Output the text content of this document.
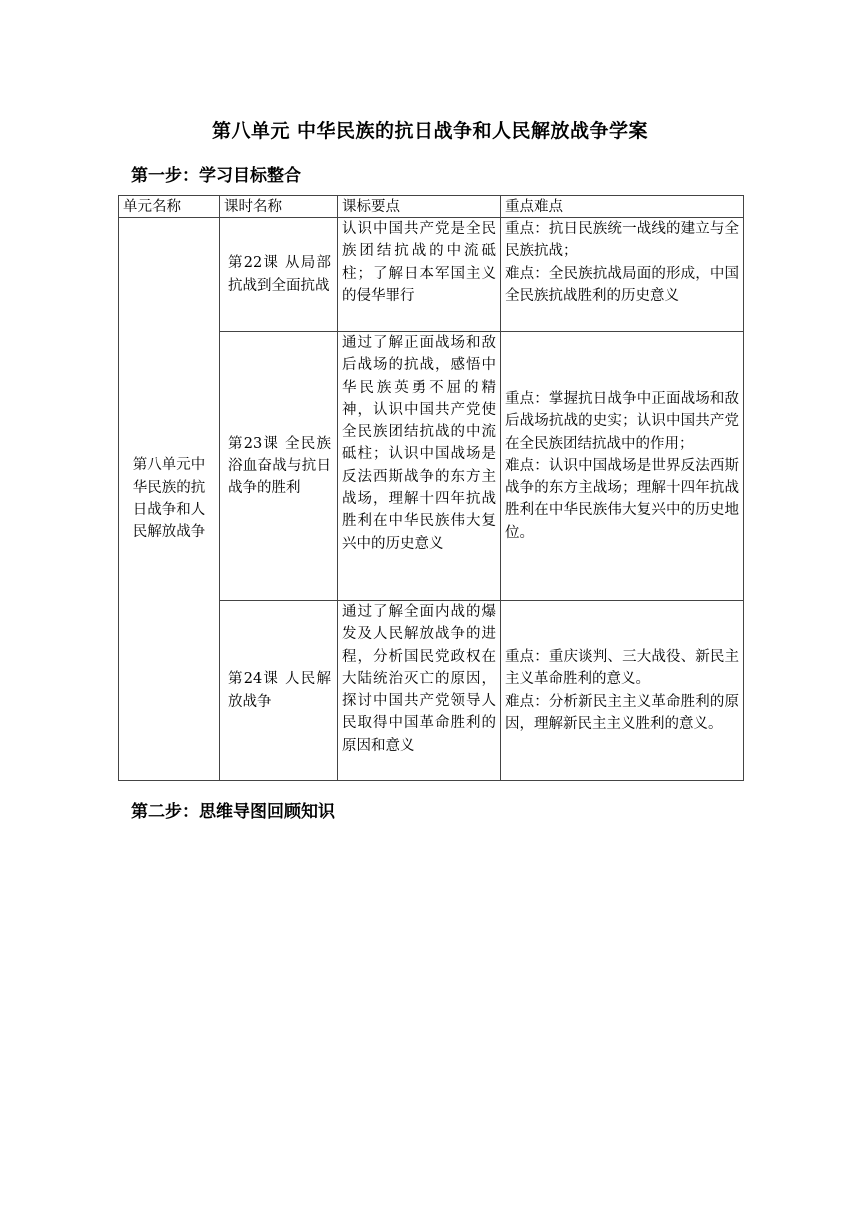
第八单元 中华民族的抗日战争和人民解放战争学案
第一步：学习目标整合
单元名称	课时名称	课标要点	重点难点
第八单元中华民族的抗日战争和人民解放战争	第22课 从局部抗战到全面抗战	认识中国共产党是全民族团结抗战的中流砥柱；了解日本军国主义的侵华罪行	重点：抗日民族统一战线的建立与全民族抗战；
难点：全民族抗战局面的形成，中国全民族抗战胜利的历史意义

	第23课 全民族浴血奋战与抗日战争的胜利	通过了解正面战场和敌后战场的抗战，感悟中华民族英勇不屈的精神，认识中国共产党使全民族团结抗战的中流砥柱；认识中国战场是反法西斯战争的东方主战场，理解十四年抗战胜利在中华民族伟大复兴中的历史意义	重点：掌握抗日战争中正面战场和敌后战场抗战的史实；认识中国共产党在全民族团结抗战中的作用；
难点：认识中国战场是世界反法西斯战争的东方主战场；理解十四年抗战胜利在中华民族伟大复兴中的历史地位。

	第24课 人民解放战争	通过了解全面内战的爆发及人民解放战争的进程，分析国民党政权在大陆统治灭亡的原因，探讨中国共产党领导人民取得中国革命胜利的原因和意义	重点：重庆谈判、三大战役、新民主主义革命胜利的意义。
难点：分析新民主主义革命胜利的原因，理解新民主主义胜利的意义。
第二步：思维导图回顾知识
